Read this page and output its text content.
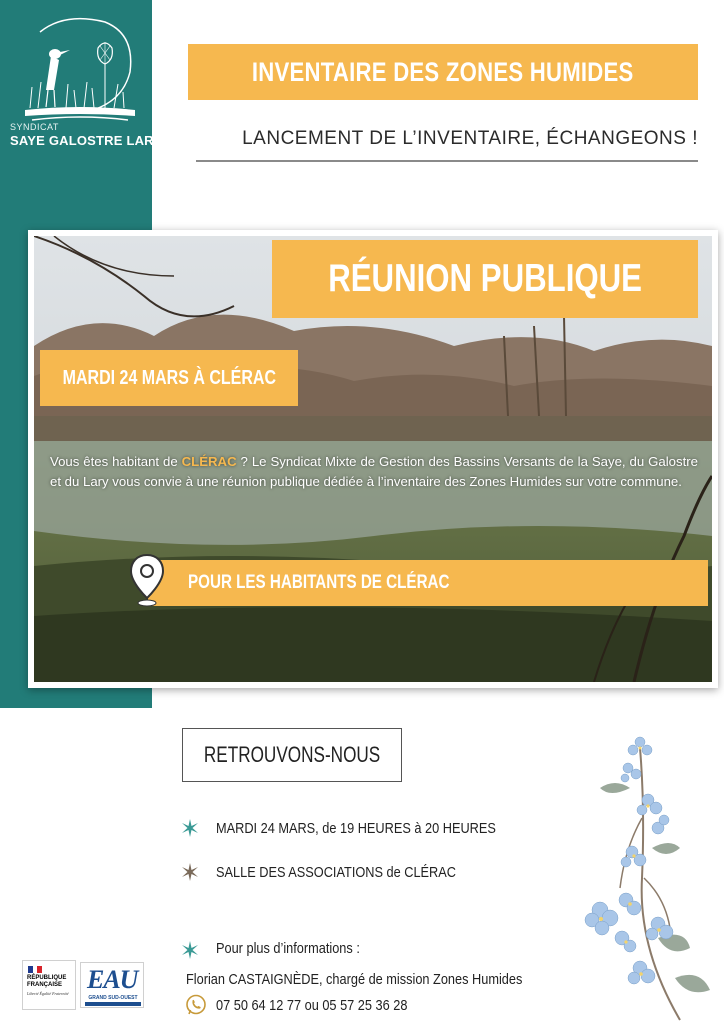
SYNDICAT
SAYE GALOSTRE LARY
INVENTAIRE DES ZONES HUMIDES
LANCEMENT DE L’INVENTAIRE, ÉCHANGEONS !
RÉUNION PUBLIQUE
MARDI 24 MARS À CLÉRAC
Vous êtes habitant de CLÉRAC ? Le Syndicat Mixte de Gestion des Bassins Versants de la Saye, du Galostre et du Lary vous convie à une réunion publique dédiée à l’inventaire des Zones Humides sur votre commune.
POUR LES HABITANTS DE CLÉRAC
RETROUVONS-NOUS
MARDI 24 MARS, de 19 HEURES à 20 HEURES
SALLE DES ASSOCIATIONS de CLÉRAC
Pour plus d’informations :
Florian CASTAIGNÈDE, chargé de mission Zones Humides
07 50 64 12 77 ou 05 57 25 36 28
RÉPUBLIQUE FRANÇAISE
Liberté Égalité Fraternité EAU
GRAND SUD-OUEST
